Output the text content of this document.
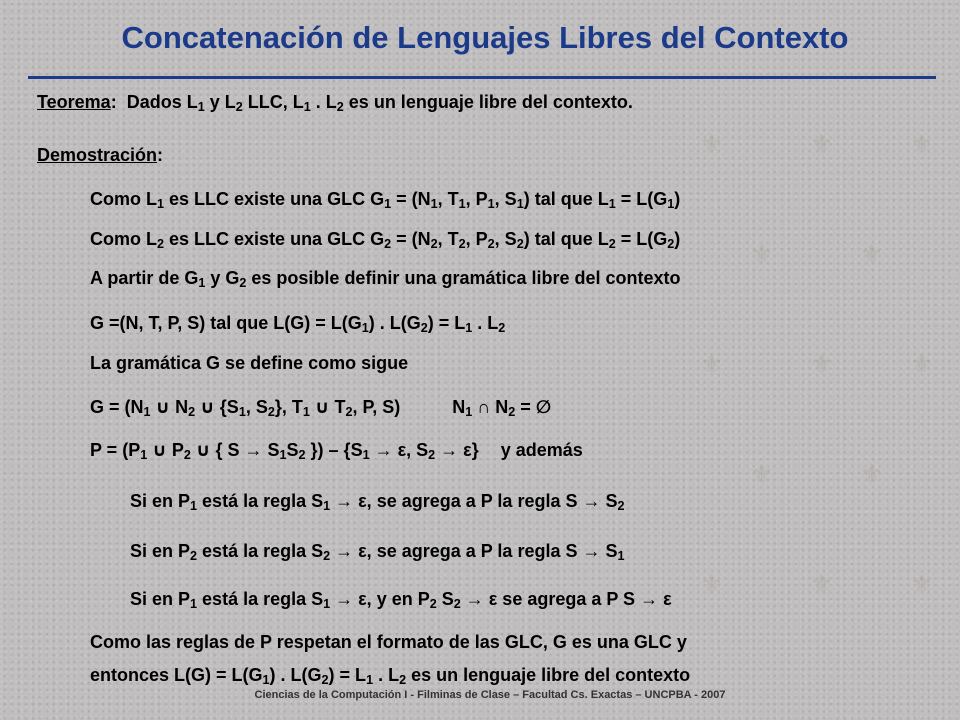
⚜	⚜	⚜
⚜	⚜
⚜	⚜	⚜
⚜	⚜
⚜	⚜	⚜
Concatenación de Lenguajes Libres del Contexto
Teorema: Dados $L_1$ y $L_2$ LLC, $L_1$ . $L_2$ es un lenguaje libre del contexto.
Demostración:
Como $L_1$ es LLC existe una GLC $G_1 = (N_1$, $T_1$, $P_1$, $S_1$) tal que $L_1 = L(G_1)$
Como $L_2$ es LLC existe una GLC $G_2 = (N_2$, $T_2$, $P_2$, $S_2$) tal que $L_2 = L(G_2)$
A partir de $G_1$ y $G_2$ es posible definir una gramática libre del contexto
G =(N, T, P, S) tal que $L(G) = L(G_1)$ . $L(G_2) = L_1$ . $L_2$
La gramática G se define como sigue
$G = (N_1$ ∪ $N_2$ ∪ {$S_1$, $S_2$}, $T_1$ ∪ $T_2$, P, S)	$N_1$ ∩ $N_2$ = ∅
$P = (P_1$ ∪ $P_2$ ∪ { $S \to S_1S_2$ }) – {$S_1 \to \varepsilon$, $S_2 \to \varepsilon$} y además
Si en $P_1$ está la regla $S_1 \to \varepsilon$, se agrega a P la regla $S \to S_2$
Si en $P_2$ está la regla $S_2 \to \varepsilon$, se agrega a P la regla $S \to S_1$
Si en $P_1$ está la regla $S_1 \to \varepsilon$, y en $P_2$ $S_2 \to \varepsilon$ se agrega a P S → ε
Como las reglas de P respetan el formato de las GLC, G es una GLC y
entonces $L(G) = L(G_1)$ . $L(G_2) = L_1$ . $L_2$ es un lenguaje libre del contexto
Ciencias de la Computación I - Filminas de Clase – Facultad Cs. Exactas – UNCPBA - 2007
